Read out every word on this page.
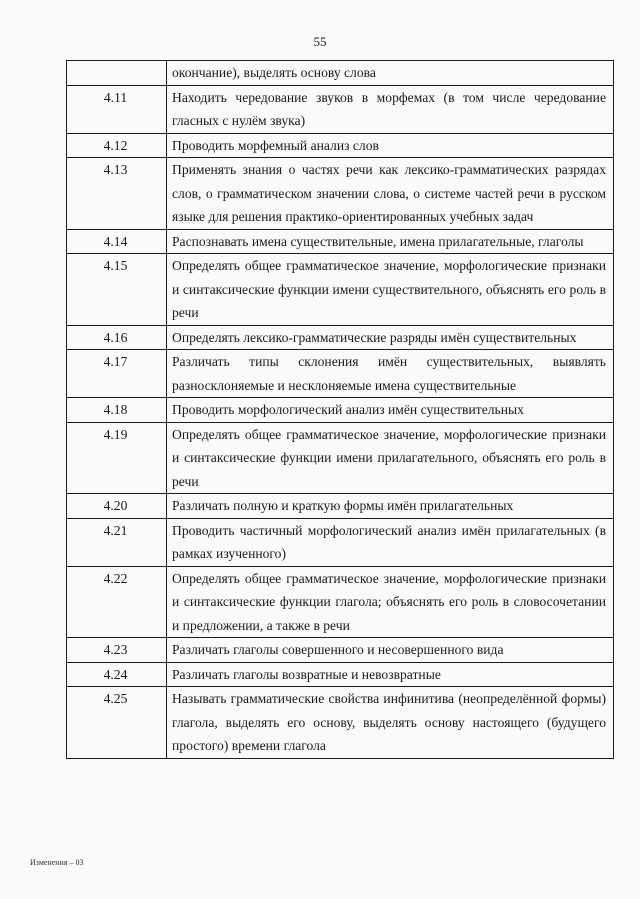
55
	окончание), выделять основу слова
4.11	Находить чередование звуков в морфемах (в том числе чередование гласных с нулём звука)
4.12	Проводить морфемный анализ слов
4.13	Применять знания о частях речи как лексико-грамматических разрядах слов, о грамматическом значении слова, о системе частей речи в русском языке для решения практико-ориентированных учебных задач
4.14	Распознавать имена существительные, имена прилагательные, глаголы
4.15	Определять общее грамматическое значение, морфологические признаки и синтаксические функции имени существительного, объяснять его роль в речи
4.16	Определять лексико-грамматические разряды имён существительных
4.17	Различать типы склонения имён существительных, выявлять разносклоняемые и несклоняемые имена существительные
4.18	Проводить морфологический анализ имён существительных
4.19	Определять общее грамматическое значение, морфологические признаки и синтаксические функции имени прилагательного, объяснять его роль в речи
4.20	Различать полную и краткую формы имён прилагательных
4.21	Проводить частичный морфологический анализ имён прилагательных (в рамках изученного)
4.22	Определять общее грамматическое значение, морфологические признаки и синтаксические функции глагола; объяснять его роль в словосочетании и предложении, а также в речи
4.23	Различать глаголы совершенного и несовершенного вида
4.24	Различать глаголы возвратные и невозвратные
4.25	Называть грамматические свойства инфинитива (неопределённой формы) глагола, выделять его основу, выделять основу настоящего (будущего простого) времени глагола
Изменения – 03
